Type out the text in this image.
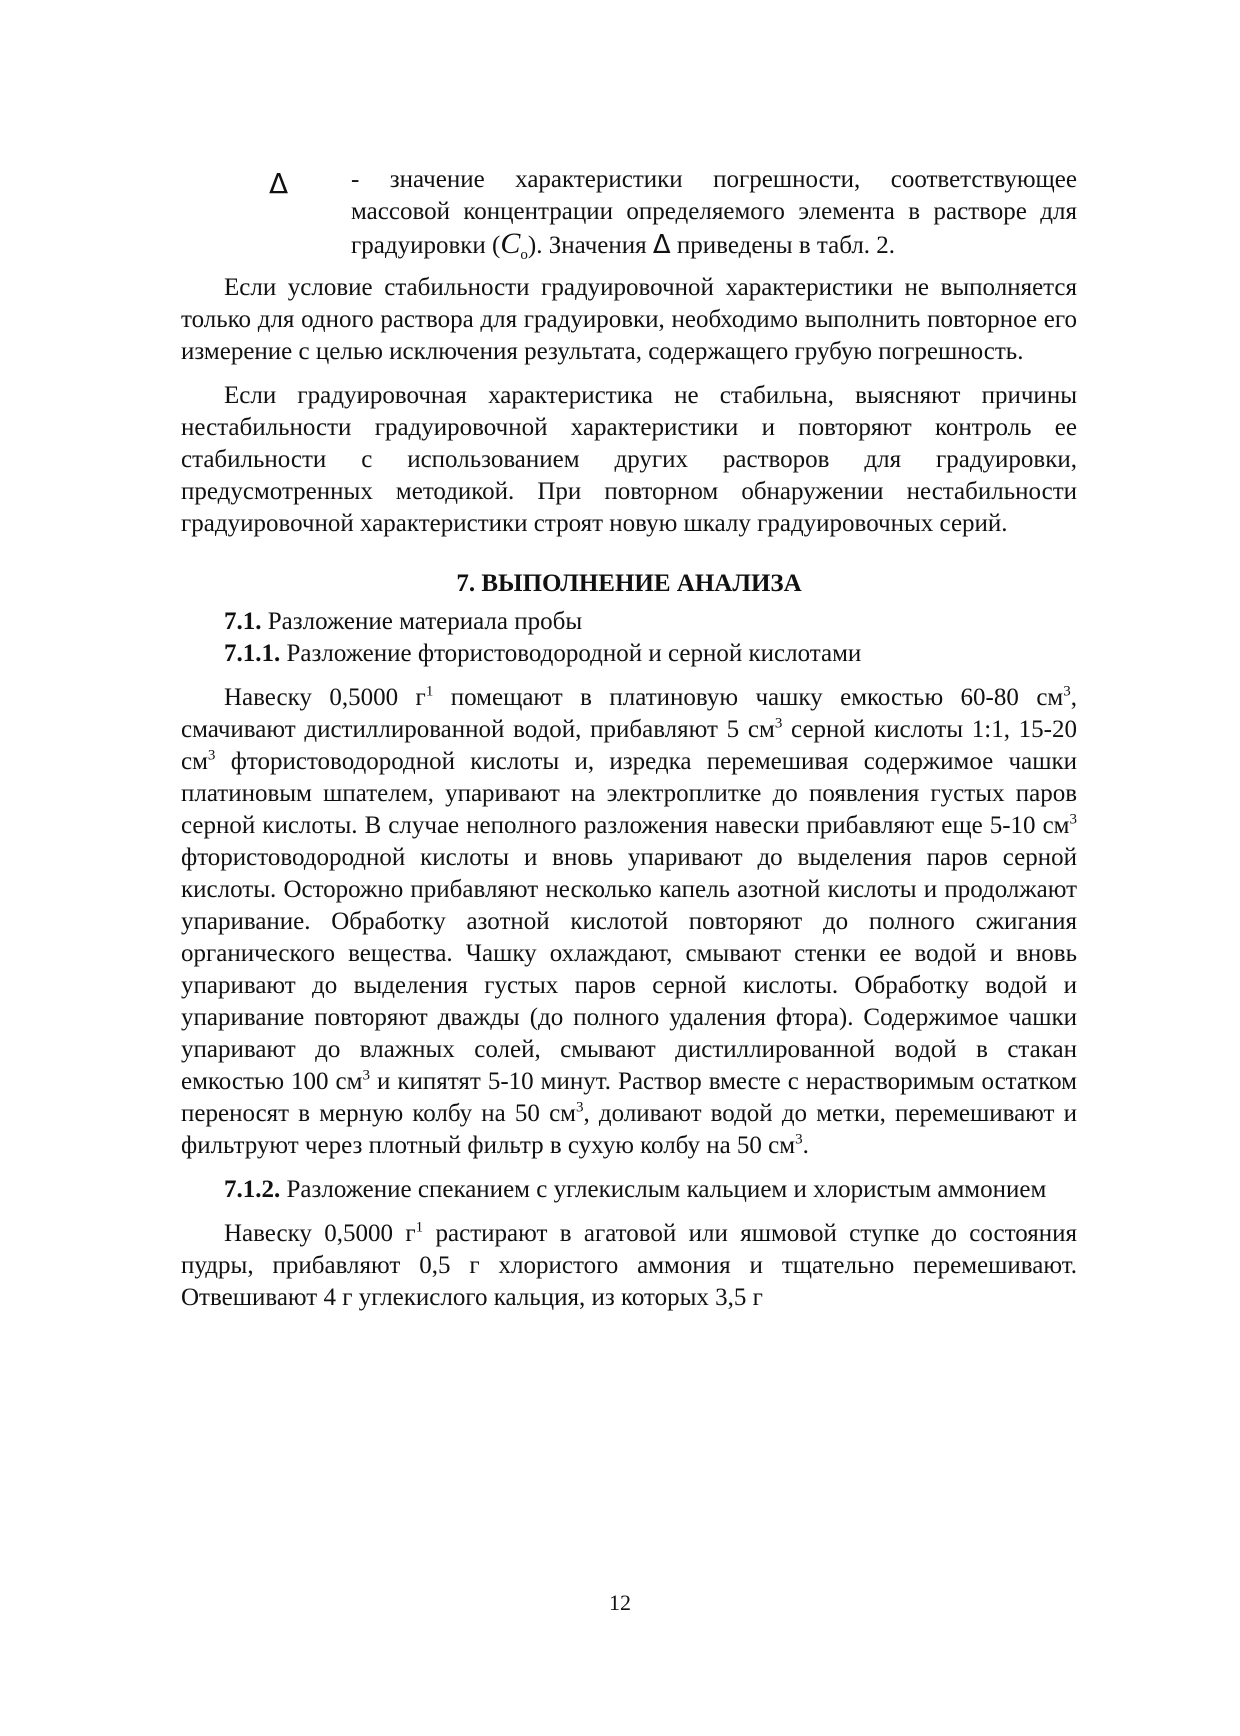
Δ	- значение характеристики погрешности, соответствующее массовой концентрации определяемого элемента в растворе для градуировки $(C_o)$. Значения Δ приведены в табл. 2.

Если условие стабильности градуировочной характеристики не выполняется только для одного раствора для градуировки, необходимо выполнить повторное его измерение с целью исключения результата, содержащего грубую погрешность.

Если градуировочная характеристика не стабильна, выясняют причины нестабильности градуировочной характеристики и повторяют контроль ее стабильности с использованием других растворов для градуировки, предусмотренных методикой. При повторном обнаружении нестабильности градуировочной характеристики строят новую шкалу градуировочных серий.

7. ВЫПОЛНЕНИЕ АНАЛИЗА

7.1. Разложение материала пробы

7.1.1. Разложение фтористоводородной и серной кислотами

Навеску 0,5000 $г^1$ помещают в платиновую чашку емкостью 60-80 $см^3$, смачивают дистиллированной водой, прибавляют 5 $см^3$ серной кислоты 1:1, 15-20 $см^3$ фтористоводородной кислоты и, изредка перемешивая содержимое чашки платиновым шпателем, упаривают на электроплитке до появления густых паров серной кислоты. В случае неполного разложения навески прибавляют еще 5-10 $см^3$ фтористоводородной кислоты и вновь упаривают до выделения паров серной кислоты. Осторожно прибавляют несколько капель азотной кислоты и продолжают упаривание. Обработку азотной кислотой повторяют до полного сжигания органического вещества. Чашку охлаждают, смывают стенки ее водой и вновь упаривают до выделения густых паров серной кислоты. Обработку водой и упаривание повторяют дважды (до полного удаления фтора). Содержимое чашки упаривают до влажных солей, смывают дистиллированной водой в стакан емкостью 100 $см^3$ и кипятят 5-10 минут. Раствор вместе с нерастворимым остатком переносят в мерную колбу на 50 $см^3$, доливают водой до метки, перемешивают и фильтруют через плотный фильтр в сухую колбу на 50 $см^3$.

7.1.2. Разложение спеканием с углекислым кальцием и хлористым аммонием

Навеску 0,5000 $г^1$ растирают в агатовой или яшмовой ступке до состояния пудры, прибавляют 0,5 г хлористого аммония и тщательно перемешивают. Отвешивают 4 г углекислого кальция, из которых 3,5 г

12
